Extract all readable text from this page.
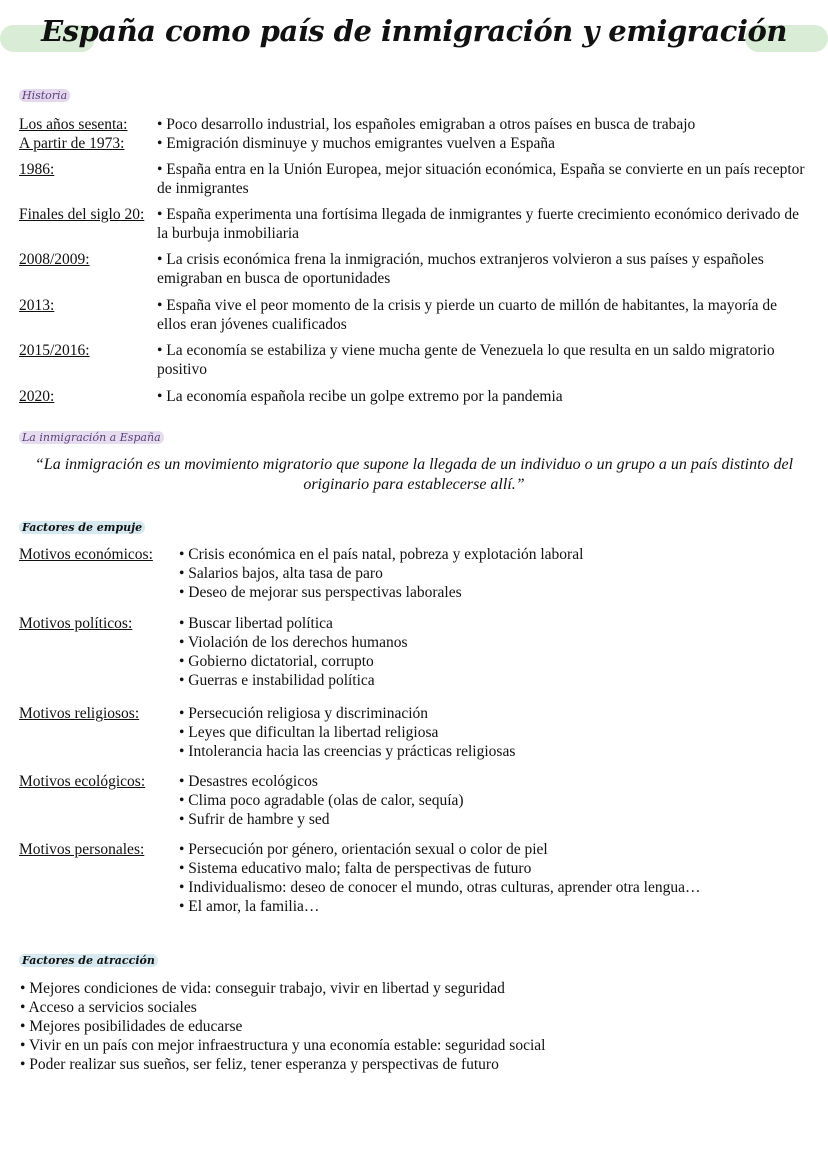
España como país de inmigración y emigración
Historia
Los años sesenta: • Poco desarrollo industrial, los españoles emigraban a otros países en busca de trabajo
A partir de 1973: • Emigración disminuye y muchos emigrantes vuelven a España
1986:	• España entra en la Unión Europea, mejor situación económica, España se convierte en un país receptor de inmigrantes
Finales del siglo 20: • España experimenta una fortísima llegada de inmigrantes y fuerte crecimiento económico derivado de la burbuja inmobiliaria
2008/2009:	• La crisis económica frena la inmigración, muchos extranjeros volvieron a sus países y españoles emigraban en busca de oportunidades
2013:	• España vive el peor momento de la crisis y pierde un cuarto de millón de habitantes, la mayoría de ellos eran jóvenes cualificados
2015/2016:	• La economía se estabiliza y viene mucha gente de Venezuela lo que resulta en un saldo migratorio positivo
2020:	• La economía española recibe un golpe extremo por la pandemia
La inmigración a España
“La inmigración es un movimiento migratorio que supone la llegada de un individuo o un grupo a un país distinto del originario para establecerse allí.”
Factores de empuje
Motivos económicos: • Crisis económica en el país natal, pobreza y explotación laboral
• Salarios bajos, alta tasa de paro
• Deseo de mejorar sus perspectivas laborales
Motivos políticos:	• Buscar libertad política
• Violación de los derechos humanos
• Gobierno dictatorial, corrupto
• Guerras e instabilidad política
Motivos religiosos:	• Persecución religiosa y discriminación
• Leyes que dificultan la libertad religiosa
• Intolerancia hacia las creencias y prácticas religiosas
Motivos ecológicos: • Desastres ecológicos
• Clima poco agradable (olas de calor, sequía)
• Sufrir de hambre y sed
Motivos personales: • Persecución por género, orientación sexual o color de piel
• Sistema educativo malo; falta de perspectivas de futuro
• Individualismo: deseo de conocer el mundo, otras culturas, aprender otra lengua…
• El amor, la familia…
Factores de atracción
• Mejores condiciones de vida: conseguir trabajo, vivir en libertad y seguridad
• Acceso a servicios sociales
• Mejores posibilidades de educarse
• Vivir en un país con mejor infraestructura y una economía estable: seguridad social
• Poder realizar sus sueños, ser feliz, tener esperanza y perspectivas de futuro
